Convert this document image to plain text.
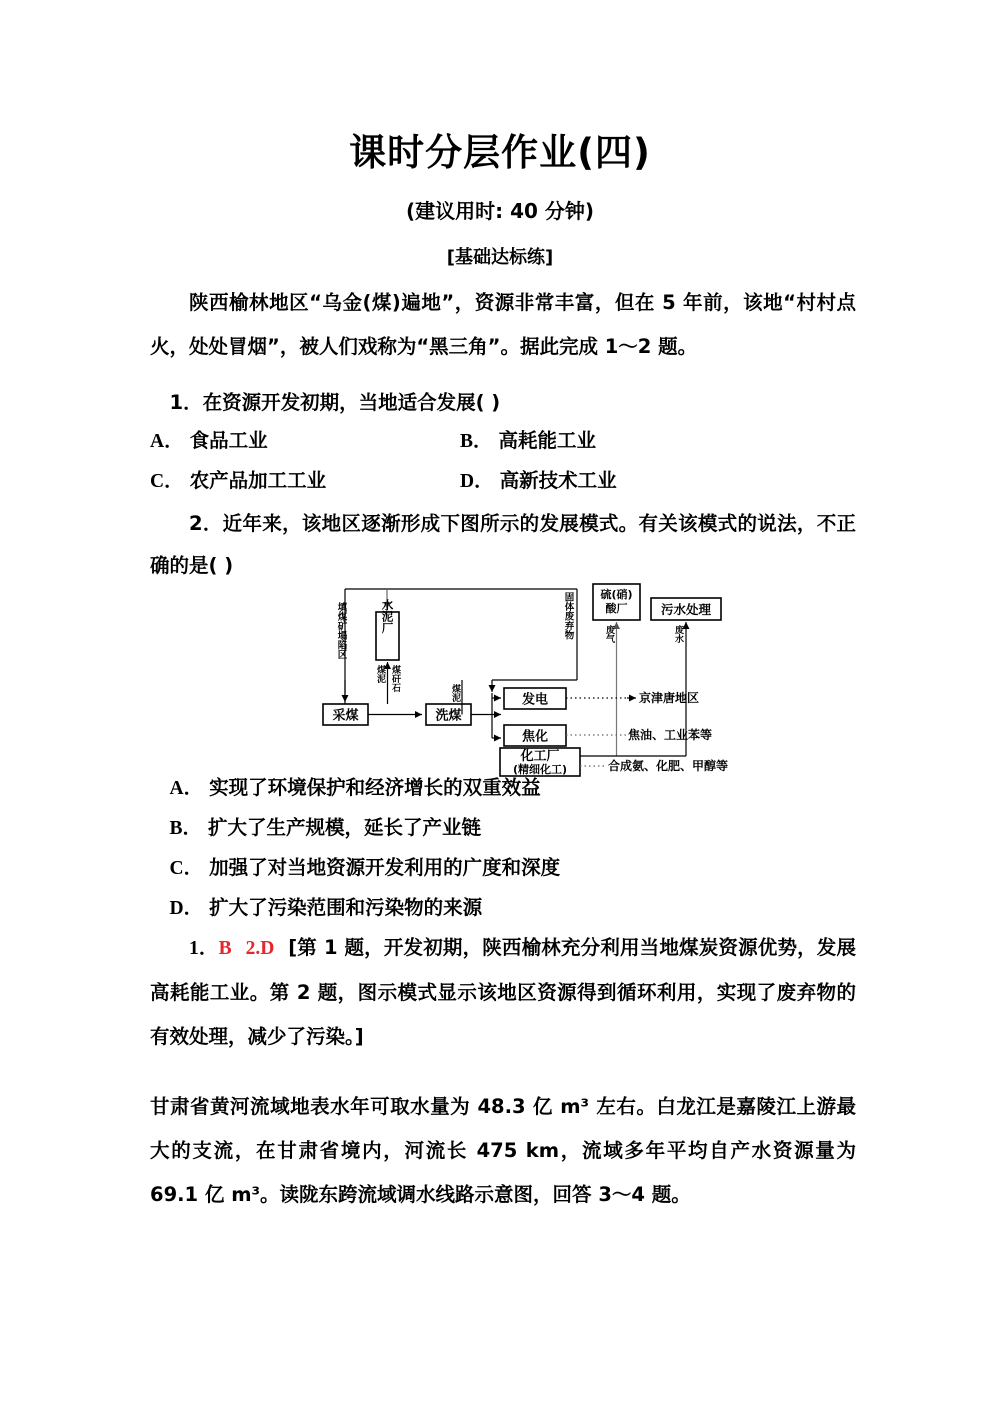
课时分层作业(四)
(建议用时: 40 分钟)
[基础达标练]
陕西榆林地区“乌金(煤)遍地”，资源非常丰富，但在 5 年前，该地“村村点火，处处冒烟”，被人们戏称为“黑三角”。据此完成 1～2 题。
1．在资源开发初期，当地适合发展( )
A． 食品工业	B． 高耗能工业
C． 农产品加工工业	D． 高新技术工业
2．近年来，该地区逐渐形成下图所示的发展模式。有关该模式的说法，不正确的是( )
填煤矿塌陷区	固体废弃物
水泥厂
煤泥 煤矸石
采煤	洗煤
煤泥	发电
焦化
化工厂
(精细化工)
硫(硝)
酸厂	污水处理
废气	废水
京津唐地区
焦油、工业苯等
合成氨、化肥、甲醇等
A． 实现了环境保护和经济增长的双重效益
B． 扩大了生产规模，延长了产业链
C． 加强了对当地资源开发利用的广度和深度
D． 扩大了污染范围和污染物的来源
1．B 2.D [第 1 题，开发初期，陕西榆林充分利用当地煤炭资源优势，发展高耗能工业。第 2 题，图示模式显示该地区资源得到循环利用，实现了废弃物的有效处理，减少了污染。]
甘肃省黄河流域地表水年可取水量为 48.3 亿 m³ 左右。白龙江是嘉陵江上游最大的支流，在甘肃省境内，河流长 475 km，流域多年平均自产水资源量为 69.1 亿 m³。读陇东跨流域调水线路示意图，回答 3～4 题。
